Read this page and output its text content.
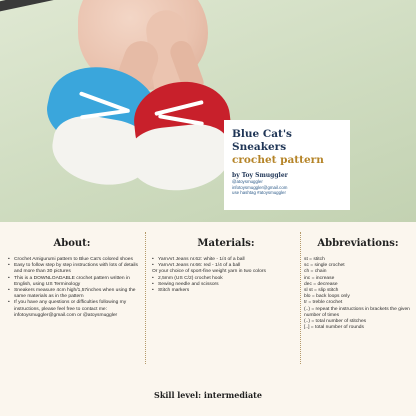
Blue Cat's Sneakers
crochet pattern
by Toy Smuggler
@atoysmuggler
infotoysmuggler@gmail.com
use hashtag #atoysmuggler
About:
• Crochet Amigurumi pattern to Blue Cat's colored shoes
• Easy to follow step by step instructions with lots of details and more than 30 pictures
• This is a DOWNLOADABLE crochet pattern written in English, using US Terminology
• Sneakers measure 4cm high/1,57inches when using the same materials as in the pattern
• If you have any questions or difficulties following my instructions, please feel free to contact me: infotoysmuggler@gmail.com or @atoysmuggler
Materials:
• YarnArt Jeans nr.62: white - 1/4 of a ball
• YarnArt Jeans nr.66: red - 1/4 of a ball
Or your choice of sport-fine weight yarn in two colors
• 2,5mm (US C/2) crochet hook
• Sewing needle and scissors
• Stitch markers
Abbreviations:
st = stitch
sc = single crochet
ch = chain
inc = increase
dec = decrease
sl st = slip stitch
blo = back loops only
tr = treble crochet
(..) = repeat the instructions in brackets the given number of times
(..) = total number of stitches
[..] = total number of rounds
Skill level: intermediate
